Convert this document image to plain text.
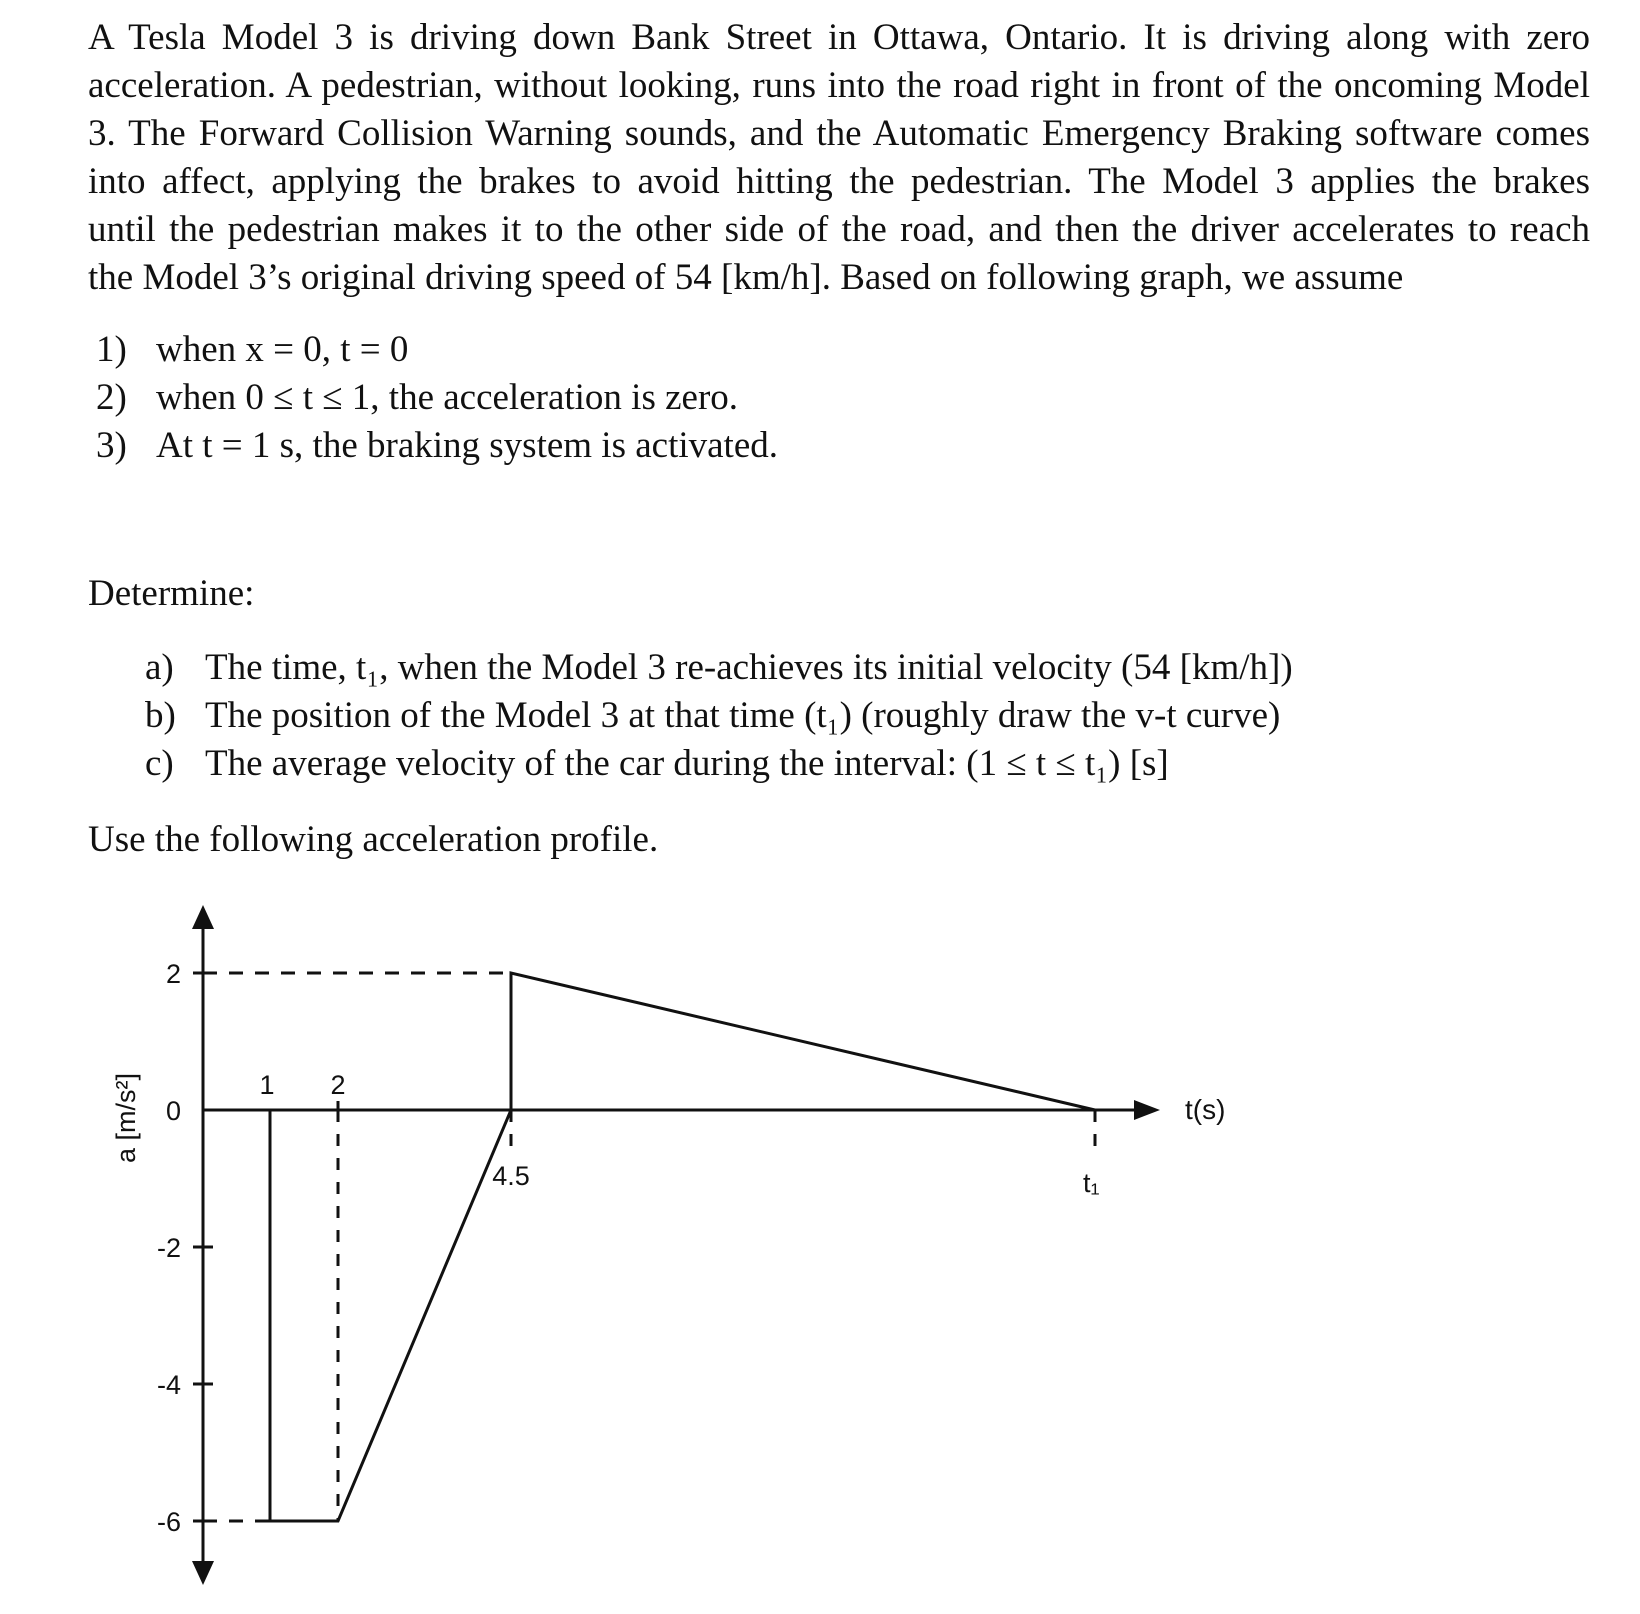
A Tesla Model 3 is driving down Bank Street in Ottawa, Ontario. It is driving along with zero
acceleration. A pedestrian, without looking, runs into the road right in front of the oncoming Model
3. The Forward Collision Warning sounds, and the Automatic Emergency Braking software comes
into affect, applying the brakes to avoid hitting the pedestrian. The Model 3 applies the brakes
until the pedestrian makes it to the other side of the road, and then the driver accelerates to reach
the Model 3’s original driving speed of 54 [km/h]. Based on following graph, we assume
1) when x = 0, t = 0
2) when 0 ≤ t ≤ 1, the acceleration is zero.
3) At t = 1 s, the braking system is activated.
Determine:
a) The time, t₁, when the Model 3 re-achieves its initial velocity (54 [km/h])
b) The position of the Model 3 at that time (t₁) (roughly draw the v-t curve)
c) The average velocity of the car during the interval: (1 ≤ t ≤ t₁) [s]
Use the following acceleration profile.
2
0
-2
-4
-6
1 2
4.5	t₁
t(s)
a [m/s²]
